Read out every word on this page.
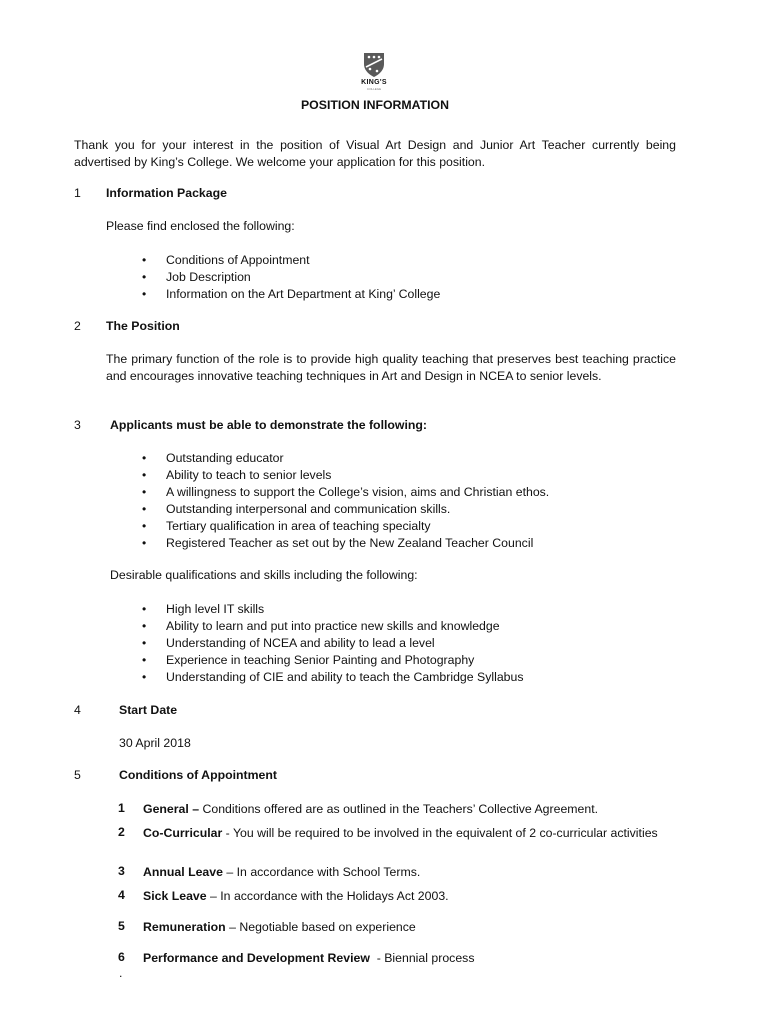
KING'S
COLLEGE
POSITION INFORMATION
Thank you for your interest in the position of Visual Art Design and Junior Art Teacher currently being advertised by King’s College. We welcome your application for this position.
1 Information Package
Please find enclosed the following:
• Conditions of Appointment
• Job Description
• Information on the Art Department at King’ College
2 The Position
The primary function of the role is to provide high quality teaching that preserves best teaching practice and encourages innovative teaching techniques in Art and Design in NCEA to senior levels.
3 Applicants must be able to demonstrate the following:
• Outstanding educator
• Ability to teach to senior levels
• A willingness to support the College’s vision, aims and Christian ethos.
• Outstanding interpersonal and communication skills.
• Tertiary qualification in area of teaching specialty
• Registered Teacher as set out by the New Zealand Teacher Council
Desirable qualifications and skills including the following:
• High level IT skills
• Ability to learn and put into practice new skills and knowledge
• Understanding of NCEA and ability to lead a level
• Experience in teaching Senior Painting and Photography
• Understanding of CIE and ability to teach the Cambridge Syllabus
4	Start Date
30 April 2018
5	Conditions of Appointment
1	General – Conditions offered are as outlined in the Teachers’ Collective Agreement.
2	Co-Curricular - You will be required to be involved in the equivalent of 2 co-curricular activities
3	Annual Leave – In accordance with School Terms.
4	Sick Leave – In accordance with the Holidays Act 2003.
5	Remuneration – Negotiable based on experience
6	Performance and Development Review  - Biennial process
.
